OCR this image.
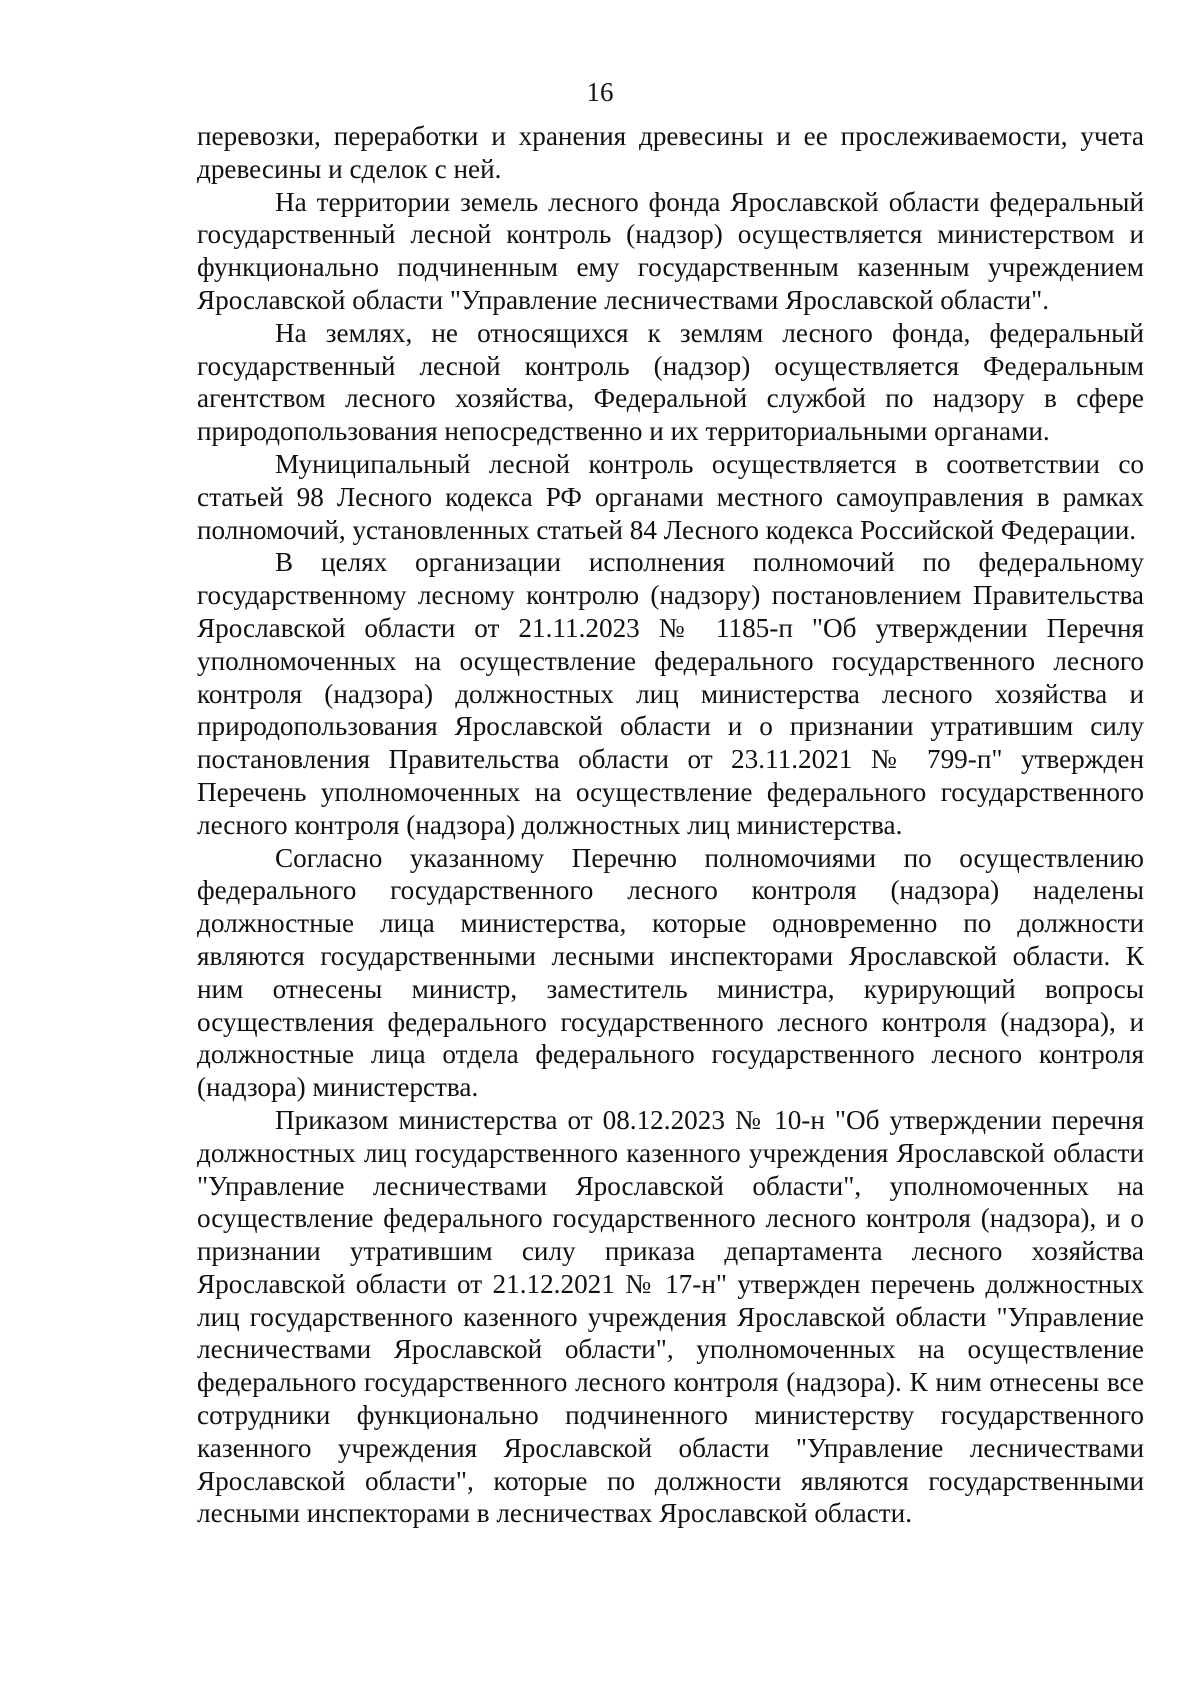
16

перевозки, переработки и хранения древесины и ее прослеживаемости, учета древесины и сделок с ней.

На территории земель лесного фонда Ярославской области федеральный государственный лесной контроль (надзор) осуществляется министерством и функционально подчиненным ему государственным казенным учреждением Ярославской области "Управление лесничествами Ярославской области".

На землях, не относящихся к землям лесного фонда, федеральный государственный лесной контроль (надзор) осуществляется Федеральным агентством лесного хозяйства, Федеральной службой по надзору в сфере природопользования непосредственно и их территориальными органами.

Муниципальный лесной контроль осуществляется в соответствии со статьей 98 Лесного кодекса РФ органами местного самоуправления в рамках полномочий, установленных статьей 84 Лесного кодекса Российской Федерации.

В целях организации исполнения полномочий по федеральному государственному лесному контролю (надзору) постановлением Правительства Ярославской области от 21.11.2023 № 1185-п "Об утверждении Перечня уполномоченных на осуществление федерального государственного лесного контроля (надзора) должностных лиц министерства лесного хозяйства и природопользования Ярославской области и о признании утратившим силу постановления Правительства области от 23.11.2021 № 799-п" утвержден Перечень уполномоченных на осуществление федерального государственного лесного контроля (надзора) должностных лиц министерства.

Согласно указанному Перечню полномочиями по осуществлению федерального государственного лесного контроля (надзора) наделены должностные лица министерства, которые одновременно по должности являются государственными лесными инспекторами Ярославской области. К ним отнесены министр, заместитель министра, курирующий вопросы осуществления федерального государственного лесного контроля (надзора), и должностные лица отдела федерального государственного лесного контроля (надзора) министерства.

Приказом министерства от 08.12.2023 № 10-н "Об утверждении перечня должностных лиц государственного казенного учреждения Ярославской области "Управление лесничествами Ярославской области", уполномоченных на осуществление федерального государственного лесного контроля (надзора), и о признании утратившим силу приказа департамента лесного хозяйства Ярославской области от 21.12.2021 № 17-н" утвержден перечень должностных лиц государственного казенного учреждения Ярославской области "Управление лесничествами Ярославской области", уполномоченных на осуществление федерального государственного лесного контроля (надзора). К ним отнесены все сотрудники функционально подчиненного министерству государственного казенного учреждения Ярославской области "Управление лесничествами Ярославской области", которые по должности являются государственными лесными инспекторами в лесничествах Ярославской области.
